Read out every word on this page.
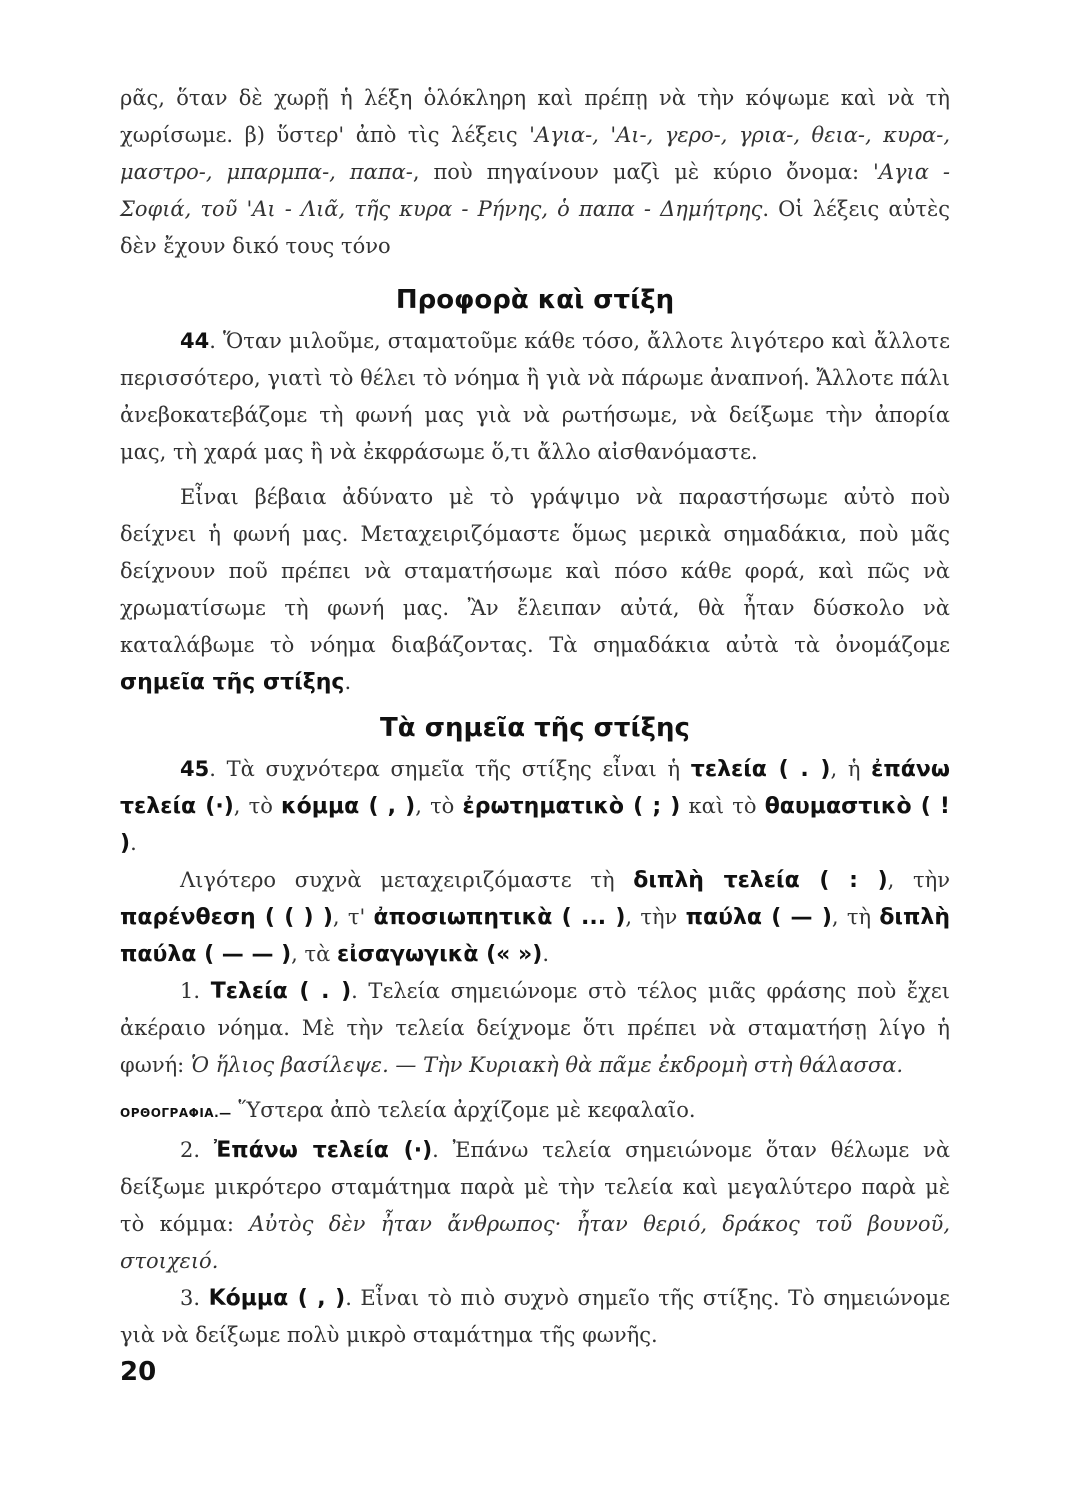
ρᾶς, ὅταν δὲ χωρῇ ἡ λέξη ὁλόκληρη καὶ πρέπῃ νὰ τὴν κόψωμε καὶ νὰ τὴ χωρίσωμε. β) ὕστερ' ἀπὸ τὶς λέξεις 'Αγια-, 'Αι-, γερο-, γρια-, θεια-, κυρα-, μαστρο-, μπαρμπα-, παπα-, ποὺ πηγαίνουν μαζὶ μὲ κύριο ὄνομα: 'Αγια - Σοφιά, τοῦ 'Αι - Λιᾶ, τῆς κυρα - Ρήνης, ὁ παπα - Δημήτρης. Οἱ λέξεις αὐτὲς δὲν ἔχουν δικό τους τόνο

Προφορὰ καὶ στίξη

44. Ὅταν μιλοῦμε, σταματοῦμε κάθε τόσο, ἄλλοτε λιγότερο καὶ ἄλλοτε περισσότερο, γιατὶ τὸ θέλει τὸ νόημα ἢ γιὰ νὰ πάρωμε ἀναπνοή. Ἄλλοτε πάλι ἀνεβοκατεβάζομε τὴ φωνή μας γιὰ νὰ ρωτήσωμε, νὰ δείξωμε τὴν ἀπορία μας, τὴ χαρά μας ἢ νὰ ἐκφράσωμε ὅ,τι ἄλλο αἰσθανόμαστε.

Εἶναι βέβαια ἀδύνατο μὲ τὸ γράψιμο νὰ παραστήσωμε αὐτὸ ποὺ δείχνει ἡ φωνή μας. Μεταχειριζόμαστε ὅμως μερικὰ σημαδάκια, ποὺ μᾶς δείχνουν ποῦ πρέπει νὰ σταματήσωμε καὶ πόσο κάθε φορά, καὶ πῶς νὰ χρωματίσωμε τὴ φωνή μας. Ἂν ἔλειπαν αὐτά, θὰ ἦταν δύσκολο νὰ καταλάβωμε τὸ νόημα διαβάζοντας. Τὰ σημαδάκια αὐτὰ τὰ ὀνομάζομε σημεῖα τῆς στίξης.

Τὰ σημεῖα τῆς στίξης

45. Τὰ συχνότερα σημεῖα τῆς στίξης εἶναι ἡ τελεία ( . ), ἡ ἐπάνω τελεία (·), τὸ κόμμα ( , ), τὸ ἐρωτηματικὸ ( ; ) καὶ τὸ θαυμαστικὸ ( ! ).

Λιγότερο συχνὰ μεταχειριζόμαστε τὴ διπλὴ τελεία ( : ), τὴν παρένθεση ( ( ) ), τ' ἀποσιωπητικὰ ( ... ), τὴν παύλα ( — ), τὴ διπλὴ παύλα ( — — ), τὰ εἰσαγωγικὰ (« »).

1. Τελεία ( . ). Τελεία σημειώνομε στὸ τέλος μιᾶς φράσης ποὺ ἔχει ἀκέραιο νόημα. Μὲ τὴν τελεία δείχνομε ὅτι πρέπει νὰ σταματήσῃ λίγο ἡ φωνή: Ὁ ἥλιος βασίλεψε. — Τὴν Κυριακὴ θὰ πᾶμε ἐκδρομὴ στὴ θάλασσα.

ΟΡΘΟΓΡΑΦΙΑ.— Ὕστερα ἀπὸ τελεία ἀρχίζομε μὲ κεφαλαῖο.

2. Ἐπάνω τελεία (·). Ἐπάνω τελεία σημειώνομε ὅταν θέλωμε νὰ δείξωμε μικρότερο σταμάτημα παρὰ μὲ τὴν τελεία καὶ μεγαλύτερο παρὰ μὲ τὸ κόμμα: Αὐτὸς δὲν ἦταν ἄνθρωπος· ἦταν θεριό, δράκος τοῦ βουνοῦ, στοιχειό.

3. Κόμμα ( , ). Εἶναι τὸ πιὸ συχνὸ σημεῖο τῆς στίξης. Τὸ σημειώνομε γιὰ νὰ δείξωμε πολὺ μικρὸ σταμάτημα τῆς φωνῆς.

20
